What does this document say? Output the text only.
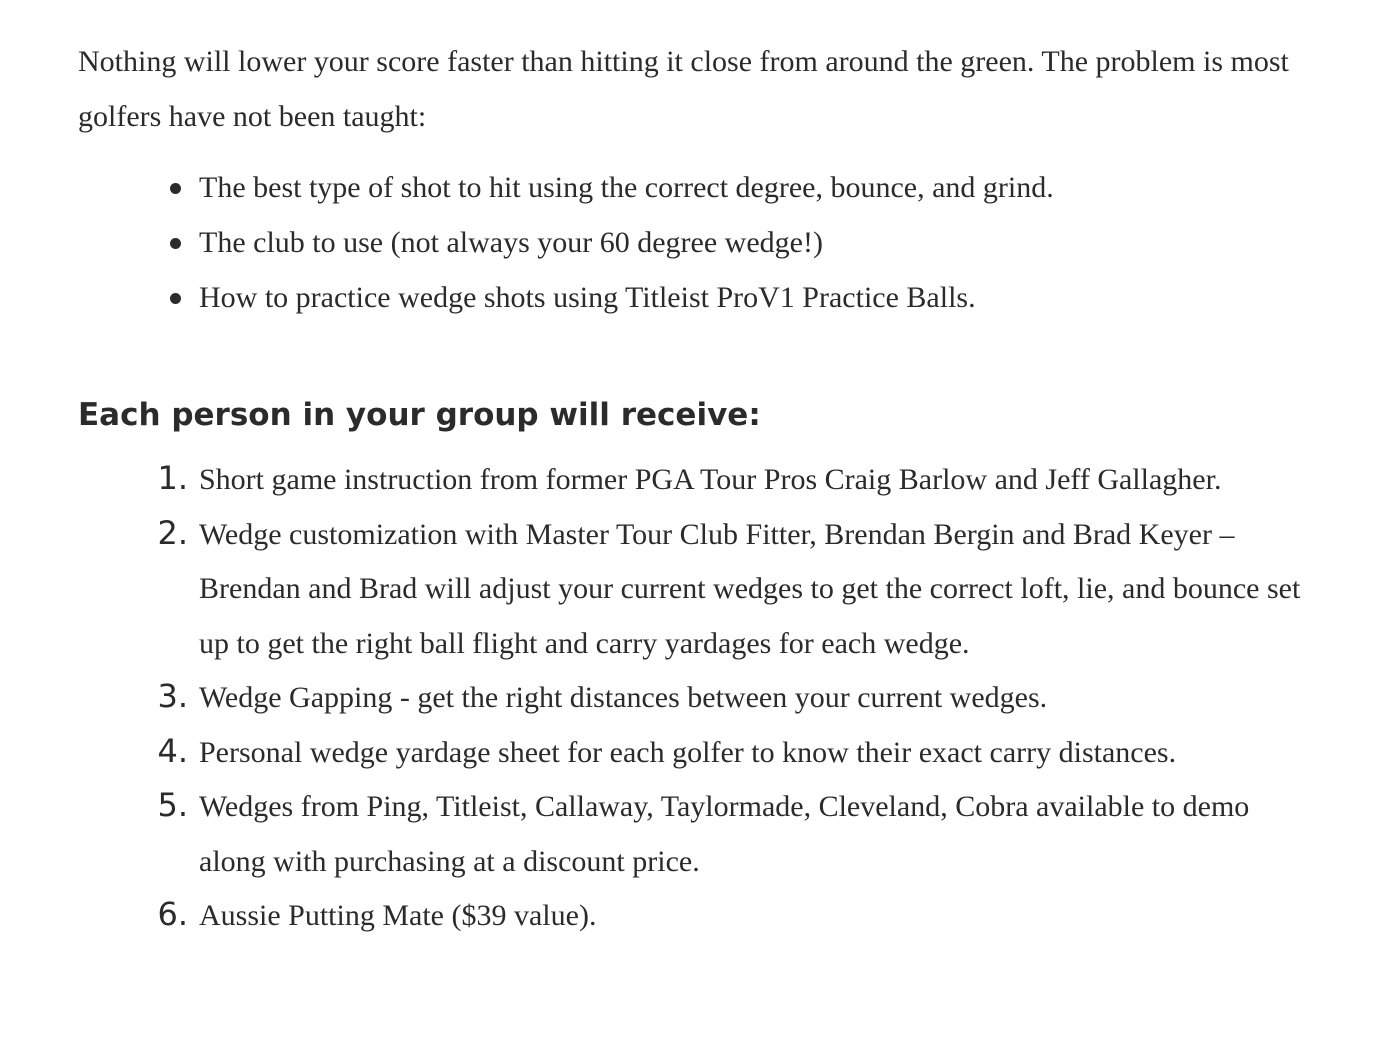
Nothing will lower your score faster than hitting it close from around the green. The problem is most golfers have not been taught:

The best type of shot to hit using the correct degree, bounce, and grind.
The club to use (not always your 60 degree wedge!)
How to practice wedge shots using Titleist ProV1 Practice Balls.
Each person in your group will receive:
1. Short game instruction from former PGA Tour Pros Craig Barlow and Jeff Gallagher.
2. Wedge customization with Master Tour Club Fitter, Brendan Bergin and Brad Keyer – Brendan and Brad will adjust your current wedges to get the correct loft, lie, and bounce set up to get the right ball flight and carry yardages for each wedge.
3. Wedge Gapping - get the right distances between your current wedges.
4. Personal wedge yardage sheet for each golfer to know their exact carry distances.
5. Wedges from Ping, Titleist, Callaway, Taylormade, Cleveland, Cobra available to demo along with purchasing at a discount price.
6. Aussie Putting Mate ($39 value).
